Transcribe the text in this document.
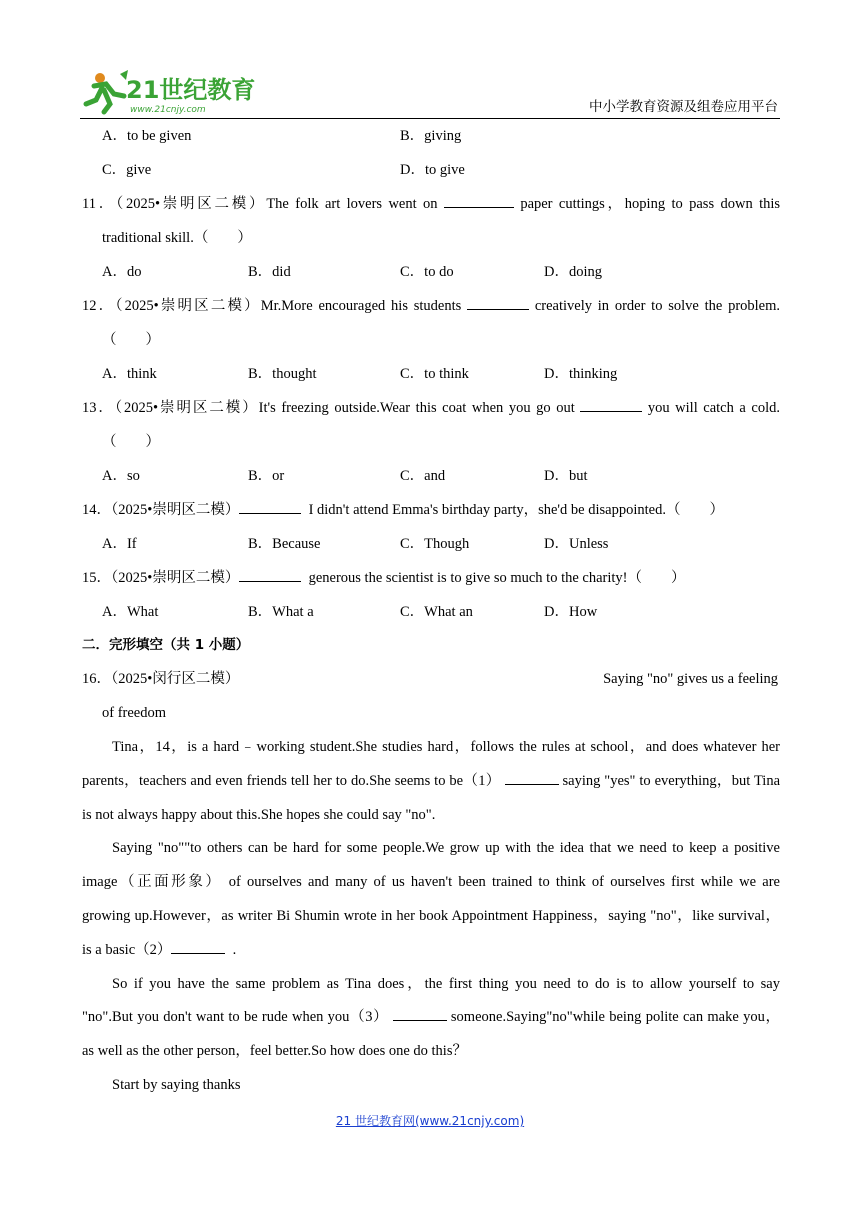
21世纪教育
www.21cnjy.com	中小学教育资源及组卷应用平台
A．to be given	B．giving
C．give	D．to give
11．（2025•崇明区二模）The folk art lovers went on	paper cuttings，hoping to pass down this
traditional skill.（　　）
A．do	B．did	C．to do	D．doing
12．（2025•崇明区二模）Mr.More encouraged his students	creatively in order to solve the problem.
（　　）
A．think	B．thought	C．to think	D．thinking
13．（2025•崇明区二模）It's freezing outside.Wear this coat when you go out	you will catch a cold.
（　　）
A．so	B．or	C．and	D．but
14．（2025•崇明区二模）	I didn't attend Emma's birthday party，she'd be disappointed.（　　）
A．If	B．Because	C．Though	D．Unless
15．（2025•崇明区二模）	generous the scientist is to give so much to the charity!（　　）
A．What	B．What a	C．What an	D．How
二．完形填空（共 1 小题）
16．（2025•闵行区二模）	Saying "no" gives us a feeling
of freedom
Tina，14，is a hard﹣working student.She studies hard，follows the rules at school，and does whatever her
parents，teachers and even friends tell her to do.She seems to be（1）	saying "yes" to everything，but Tina
is not always happy about this.She hopes she could say "no".
Saying "no""to others can be hard for some people.We grow up with the idea that we need to keep a positive
image（正面形象） of ourselves and many of us haven't been trained to think of ourselves first while we are
growing up.However，as writer Bi Shumin wrote in her book Appointment Happiness，saying "no"，like survival，
is a basic（2）	.
So if you have the same problem as Tina does，the first thing you need to do is to allow yourself to say
"no".But you don't want to be rude when you（3）	someone.Saying"no"while being polite can make you，
as well as the other person，feel better.So how does one do this？
Start by saying thanks
21 世纪教育网(www.21cnjy.com)
